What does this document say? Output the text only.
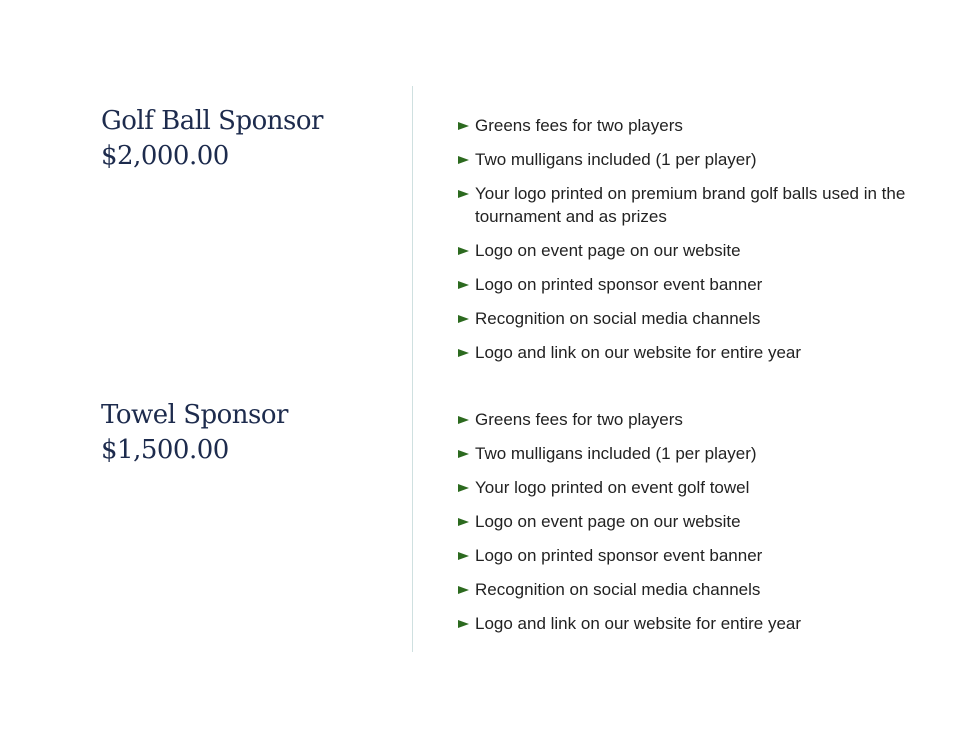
Golf Ball Sponsor
$2,000.00
Greens fees for two players
Two mulligans included (1 per player)
Your logo printed on premium brand golf balls used in the tournament and as prizes
Logo on event page on our website
Logo on printed sponsor event banner
Recognition on social media channels
Logo and link on our website for entire year
Towel Sponsor
$1,500.00
Greens fees for two players
Two mulligans included (1 per player)
Your logo printed on event golf towel
Logo on event page on our website
Logo on printed sponsor event banner
Recognition on social media channels
Logo and link on our website for entire year
